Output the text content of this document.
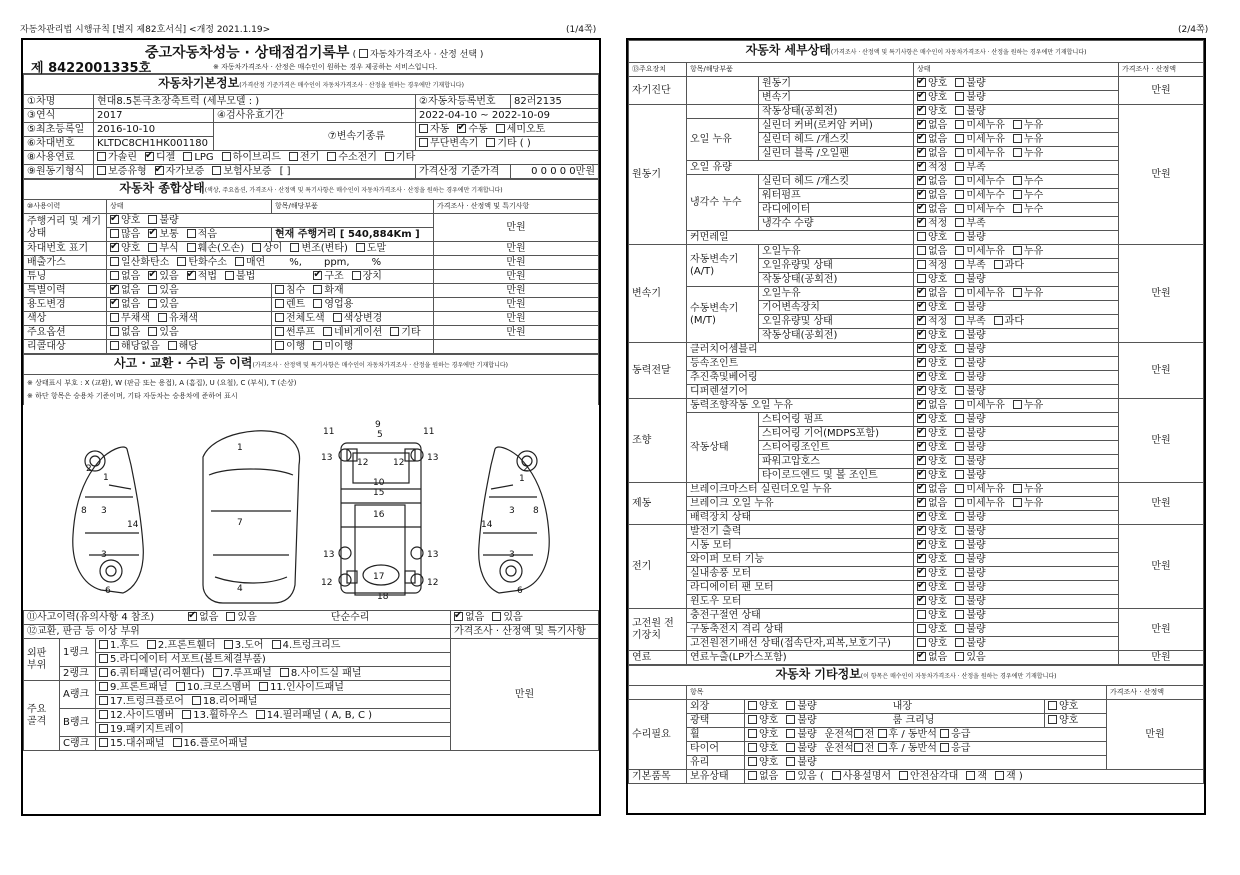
자동차관리법 시행규칙 [별지 제82호서식] <개정 2021.1.19>	(1/4쪽)	(2/4쪽)
중고자동차성능 · 상태점검기록부 ( 자동차가격조사 · 산정 선택 )
제 8422001335호	※ 자동차가격조사 · 산정은 매수인이 원하는 경우 제공하는 서비스입니다.
자동차기본정보(가격산정 기준가격은 매수인이 자동차가격조사 · 산정을 원하는 경우에만 기재합니다)				
①차명	현대8.5톤극초장축트럭 (세부모델 : )		②자동차등록번호	82러2135
③연식	2017	④검사유효기간	2022-04-10 ~ 2022-10-09	
⑤최초등록일	2016-10-10	⑦변속기종류	자동 ✔ 수동 세미오토
⑥차대번호	KLTDC8CH1HK001180		무단변속기 기타 ( )	
⑧사용연료	가솔린 ✔ 디젤 LPG 하이브리드 전기 수소전기 기타
⑨원동기형식	보증유형 ✔ 자가보증 보험사보증 [ ]		가격산정 기준가격	0 0 0 0 0만원
자동차 종합상태(색상, 주요옵션, 가격조사 · 산정액 및 특기사항은 매수인이 자동차가격조사 · 산정을 원하는 경우에만 기재합니다)			
⑩사용이력	상태	항목/해당부품	가격조사 · 산정액 및 특기사항
주행거리 및 계기상태	✔양호 불량		만원
	많음 ✔ 보통 적음	현재 주행거리 [ 540,884Km ]	
차대번호 표기	✔양호 부식 훼손(오손) 상이 변조(변타) 도말		만원
배출가스	일산화탄소 탄화수소 매연 %, ppm, %		만원
튜닝	없음 ✔ 있음 ✔ 적법 불법 ✔ 구조 장치		만원
특별이력	✔없음 있음	침수 화재	만원
용도변경	✔없음 있음	렌트 영업용	만원
색상	무채색 유채색	전체도색 색상변경	만원
주요옵션	없음 있음	썬루프 네비게이션 기타	만원
리콜대상	해당없음 해당	이행 미이행	
사고 · 교환 · 수리 등 이력(가격조사 · 산정액 및 특기사항은 매수인이 자동차가격조사 · 산정을 원하는 경우에만 기재합니다)

※ 상태표시 부호 : X (교환), W (판금 또는 용접), A (흠집), U (요철), C (부식), T (손상)
※ 하단 항목은 승용차 기준이며, 기타 자동차는 승용차에 준하여 표시
2
1
8 3
14
3
6
1
7
4
11
9
5	11
13	13
12	12
10
15
16
13	13
12	12
17
18
2
1
8
3
14
3
6
⑪사고이력(유의사항 4 참조) ✔ 없음 있음 단순수리	✔없음 있음
⑫교환, 판금 등 이상 부위			가격조사 · 산정액 및 특기사항
외판 부위	1랭크	1.후드 2.프론트휀더 3.도어 4.트렁크리드	만원
		5.라디에이터 서포트(볼트체결부품)	
	2랭크	6.쿼터패널(리어휀다) 7.루프패널 8.사이드실 패널	
주요 골격	A랭크	9.프론트패널 10.크로스멤버 11.인사이드패널	
		17.트렁크플로어 18.리어패널	
	B랭크	12.사이드멤버 13.휠하우스 14.필러패널 ( A, B, C )	
		19.패키지트레이	
	C랭크	15.대쉬패널 16.플로어패널	
자동차 세부상태(가격조사 · 산정액 및 특기사항은 매수인이 자동차가격조사 · 산정을 원하는 경우에만 기재합니다)				
⑬주요장치	항목/해당부품		상태	가격조사 · 산정액
자기진단		원동기	✔양호 불량	만원
		변속기	✔양호 불량
원동기		작동상태(공회전)	✔양호 불량	만원
	오일 누유	실린더 커버(로커암 커버)	✔없음 미세누유 누유
		실린더 헤드 /개스킷	✔없음 미세누유 누유
		실린더 블록 /오일팬	✔없음 미세누유 누유
	오일 유량	✔적정 부족
	냉각수 누수	실린더 헤드 /개스킷	✔없음 미세누수 누수
		워터펌프	✔없음 미세누수 누수
		라디에이터	✔없음 미세누수 누수
		냉각수 수량	✔적정 부족
	커먼레일		양호 불량	
변속기	자동변속기 (A/T)	오일누유	없음 미세누유 누유	만원
		오일유량및 상태	적정 부족 과다	
		작동상태(공회전)	양호 불량	
	수동변속기 (M/T)	오일누유	✔없음 미세누유 누유
		기어변속장치	✔양호 불량
		오일유량및 상태	✔적정 부족 과다
		작동상태(공회전)	✔양호 불량
동력전달	클러치어셈블리	✔양호 불량	만원
	등속조인트	✔양호 불량
	추진축및베어링	✔양호 불량
	디퍼렌셜기어	✔양호 불량
조향	동력조향작동 오일 누유	✔없음 미세누유 누유	만원
	작동상태	스티어링 펌프	✔양호 불량
		스티어링 기어(MDPS포함)	✔양호 불량
		스티어링조인트	✔양호 불량
		파워고압호스	✔양호 불량
		타이로드엔드 및 볼 조인트	✔양호 불량
제동	브레이크마스터 실린더오일 누유	✔없음 미세누유 누유	만원
	브레이크 오일 누유	✔없음 미세누유 누유
	배력장치 상태	✔양호 불량
전기	발전기 출력	✔양호 불량	만원
	시동 모터	✔양호 불량
	와이퍼 모터 기능	✔양호 불량
	실내송풍 모터	✔양호 불량
	라디에이터 팬 모터	✔양호 불량
	윈도우 모터	✔양호 불량
고전원 전기장치	충전구절연 상태		양호 불량	만원
	구동축전지 격리 상태		양호 불량	
	고전원전기배선 상태(접속단자,피복,보호기구)		양호 불량	
연료	연료누출(LP가스포함)	✔없음 있음	만원
자동차 기타정보(이 항목은 매수인이 자동차가격조사 · 산정을 원하는 경우에만 기재합니다)				
	항목			가격조사 · 산정액
수리필요	외장	양호 불량 내장	양호	만원
	광택	양호 불량 룸 크리닝	양호	
	휠	양호 불량 운전석 전 후 / 동반석 응급		
	타이어	양호 불량 운전석 전 후 / 동반석 응급		
	유리	양호 불량		
기본품목	보유상태	없음 있음 ( 사용설명서 안전삼각대 잭 잭 )		
